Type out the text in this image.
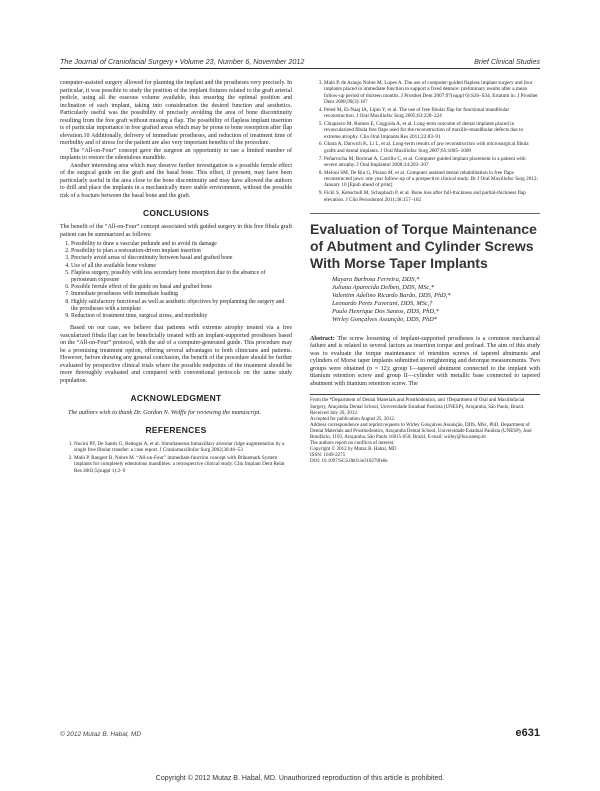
The Journal of Craniofacial Surgery • Volume 23, Number 6, November 2012	Brief Clinical Studies

computer-assisted surgery allowed for planning the implant and the prostheses very precisely. In particular, it was possible to study the position of the implant fixtures related to the graft arterial pedicle, using all the osseous volume available, thus ensuring the optimal position and inclination of each implant, taking into consideration the desired function and aesthetics. Particularly useful was the possibility of precisely avoiding the area of bone discontinuity resulting from the free graft without missing a flap. The possibility of flapless implant insertion is of particular importance in free grafted areas which may be prone to bone resorption after flap elevation.10 Additionally, delivery of immediate prostheses, and reduction of treatment time of morbidity and of stress for the patient are also very important benefits of the procedure.

The “All-on-Four” concept gave the surgeon an opportunity to use a limited number of implants to restore the edentulous mandible.

Another interesting area which may deserve further investigation is a possible ferrule effect of the surgical guide on the graft and the basal bone. This effect, if present, may have been particularly useful in the area close to the bone discontinuity and may have allowed the authors to drill and place the implants in a mechanically more stable environment, without the possible risk of a fracture between the basal bone and the graft.

CONCLUSIONS

The benefit of the “All-on-Four” concept associated with guided surgery in this free fibula graft patient can be summarized as follows:

1. Possibility to draw a vascular pedunde and to avoid its damage
2. Possibility to plan a restoration-driven implant insertion
3. Precisely avoid areas of discontinuity between basal and grafted bone
4. Use of all the available bone volume
5. Flapless surgery, possibly with less secondary bone resorption due to the absence of periosteum exposure
6. Possible ferrule effect of the guide on basal and grafted bone
7. Immediate prostheses with immediate loading
8. Highly satisfactory functional as well as aesthetic objectives by preplanning the surgery and the prostheses with a template
9. Reduction of treatment time, surgical stress, and morbidity

Based on our case, we believe that patients with extreme atrophy treated via a free vascularized fibula flap can be beneficially treated with an implant-supported prostheses based on the “All-on-Four” protocol, with the aid of a computer-generated guide. This procedure may be a promising treatment option, offering several advantages to both clinicians and patients. However, before drawing any general conclusion, the benefit of the procedure should be further evaluated by prospective clinical trials where the possible endpoints of the treatment should be more thoroughly evaluated and compared with conventional protocols on the same study population.

ACKNOWLEDGMENT

The authors wish to thank Dr. Gordon N. Wolffe for reviewing the manuscript.

REFERENCES
1. Nocini PF, De Santis G, Bedogni A, et al. Simultaneous bimaxillary alveolar ridge augmentation by a single free fibular transfer: a case report. J Craniomaxillofac Surg 2002;30:46–53
2. Maló P, Rangert B, Nobre M. “All-on-Four” immediate-function concept with Brånemark System implants for completely edentulous mandibles: a retrospective clinical study. Clin Implant Dent Relat Res 2003;5(suppl 1):2–9
3. Maló P, de Araujo Nobre M, Lopes A. The use of computer-guided flapless implant surgery and four implants placed in immediate function to support a fixed denture: preliminary results after a mean follow-up period of thirteen months. J Prosthet Dent 2007;97(suppl 6):S26–S34, Erratum in: J Prosthet Dent 2008;99(3):167
4. Peled M, El-Naaj IA, Lipin Y, et al. The use of free fibular flap for functional mandibular reconstruction. J Oral Maxillofac Surg 2005;63:220–224
5. Chiapasco M, Romeo E, Coggiola A, et al. Long-term outcome of dental implants placed in revascularized fibula free flaps used for the reconstruction of maxillo-mandibular defects due to extreme atrophy. Clin Oral Implants Res 2011;22:83–91
6. Gbara A, Darwich K, Li L, et al. Long-term results of jaw reconstruction with microsurgical fibula grafts and dental implants. J Oral Maxillofac Surg 2007;65:1005–1009
7. Peñarrocha M, Boronat A, Carrillo C, et al. Computer guided implant placement in a patient with severe atrophy. J Oral Implantol 2008;34:203–207
8. Meloni SM, De Riu G, Pisano M, et al. Computer assisted dental rehabilitation in free flaps reconstructed jaws: one year follow-up of a prospective clinical study. Br J Oral Maxillofac Surg 2012; January 10 [Epub ahead of print]
9. Fickl S, Kebschull M, Schupbach P, et al. Bone loss after full-thickness and partial-thickness flap elevation. J Clin Periodontol 2011;38:157–162
Evaluation of Torque Maintenance of Abutment and Cylinder Screws With Morse Taper Implants
Mayara Barbosa Ferreira, DDS,*
Juliana Aparecida Delben, DDS, MSc,*
Valentim Adelino Ricardo Barão, DDS, PhD,*
Leonardo Perez Faverani, DDS, MSc,†
Paulo Henrique Dos Santos, DDS, PhD,*
Wirley Gonçalves Assunção, DDS, PhD*

Abstract: The screw loosening of implant-supported prostheses is a common mechanical failure and is related to several factors as insertion torque and preload. The aim of this study was to evaluate the torque maintenance of retention screws of tapered abutments and cylinders of Morse taper implants submitted to retightening and detorque measurements. Two groups were obtained (n = 12): group I—tapered abutment connected to the implant with titanium retention screw and group II—cylinder with metallic base connected to tapered abutment with titanium retention screw. The

From the *Department of Dental Materials and Prosthodontics, and †Department of Oral and Maxillofacial Surgery, Araçatuba Dental School, Universidade Estadual Paulista (UNESP), Araçatuba, São Paulo, Brazil.

Received July 20, 2012.

Accepted for publication August 25, 2012.

Address correspondence and reprint requests to Wirley Gonçalves Assunção, DDS, MSc, PhD, Department of Dental Materials and Prosthodontics, Araçatuba Dental School, Universidade Estadual Paulista (UNESP), José Bonifácio, 1193, Araçatuba, São Paulo 16015-050, Brazil; E-mail: wirley@foa.unesp.br

The authors report no conflicts of interest.

Copyright © 2012 by Mutaz B. Habal, MD

ISSN: 1049-2275

DOI: 10.1097/SCS.0b013e318270fe0e

© 2012 Mutaz B. Habal, MD	e631
Copyright © 2012 Mutaz B. Habal, MD. Unauthorized reproduction of this article is prohibited.
